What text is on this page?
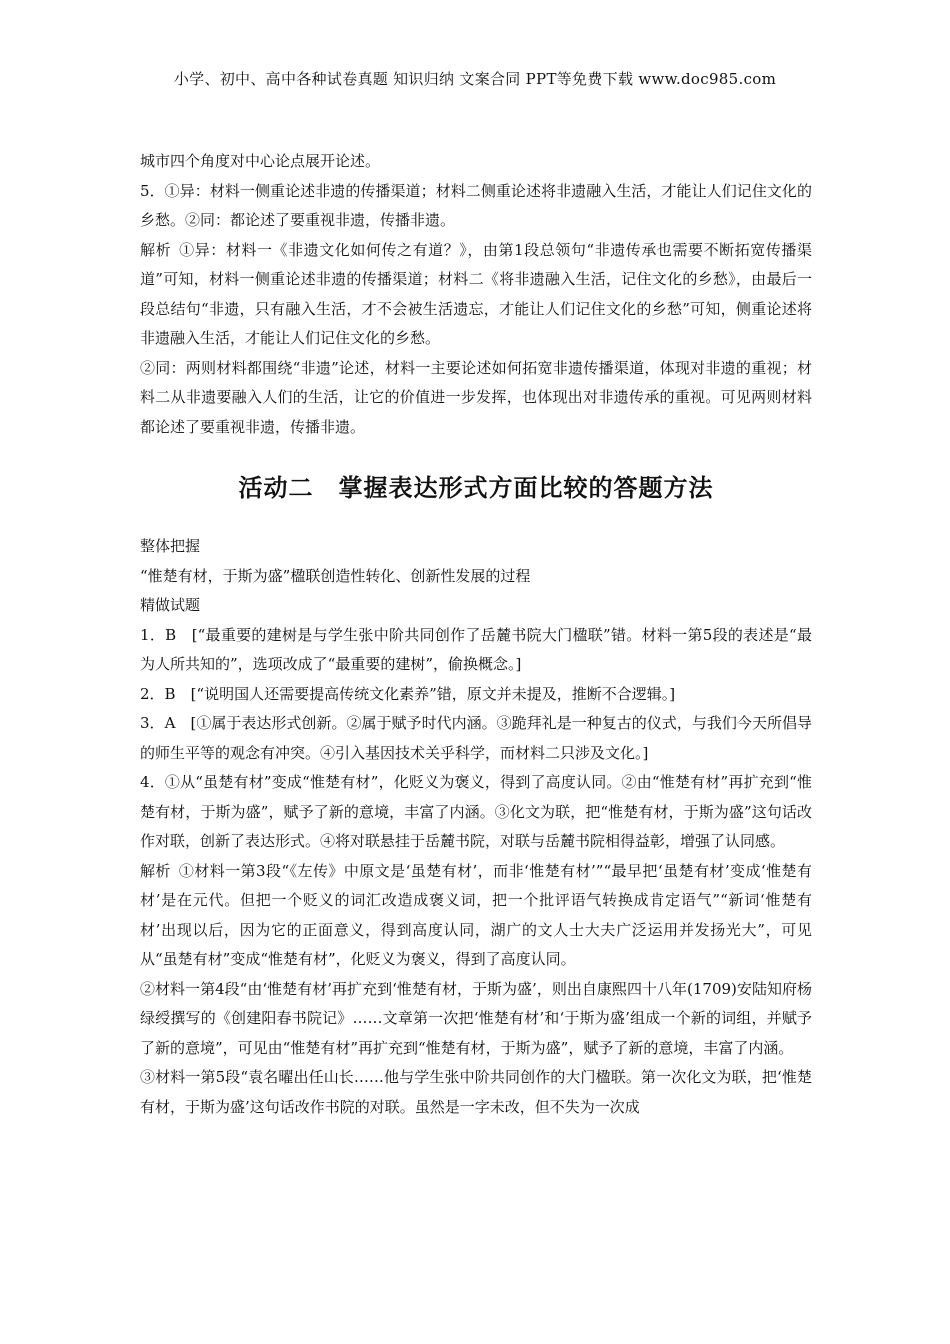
小学、初中、高中各种试卷真题 知识归纳 文案合同 PPT等免费下载 www.doc985.com

城市四个角度对中心论点展开论述。

5．①异：材料一侧重论述非遗的传播渠道；材料二侧重论述将非遗融入生活，才能让人们记住文化的乡愁。②同：都论述了要重视非遗，传播非遗。

解析 ①异：材料一《非遗文化如何传之有道？》，由第1段总领句“非遗传承也需要不断拓宽传播渠道”可知，材料一侧重论述非遗的传播渠道；材料二《将非遗融入生活，记住文化的乡愁》，由最后一段总结句“非遗，只有融入生活，才不会被生活遗忘，才能让人们记住文化的乡愁”可知，侧重论述将非遗融入生活，才能让人们记住文化的乡愁。

②同：两则材料都围绕“非遗”论述，材料一主要论述如何拓宽非遗传播渠道，体现对非遗的重视；材料二从非遗要融入人们的生活，让它的价值进一步发挥，也体现出对非遗传承的重视。可见两则材料都论述了要重视非遗，传播非遗。

活动二　掌握表达形式方面比较的答题方法

整体把握

“惟楚有材，于斯为盛”楹联创造性转化、创新性发展的过程

精做试题

1．B　[“最重要的建树是与学生张中阶共同创作了岳麓书院大门楹联”错。材料一第5段的表述是“最为人所共知的”，选项改成了“最重要的建树”，偷换概念。]

2．B　[“说明国人还需要提高传统文化素养”错，原文并未提及，推断不合逻辑。]

3．A　[①属于表达形式创新。②属于赋予时代内涵。③跪拜礼是一种复古的仪式，与我们今天所倡导的师生平等的观念有冲突。④引入基因技术关乎科学，而材料二只涉及文化。]

4．①从“虽楚有材”变成“惟楚有材”，化贬义为褒义，得到了高度认同。②由“惟楚有材”再扩充到“惟楚有材，于斯为盛”，赋予了新的意境，丰富了内涵。③化文为联，把“惟楚有材，于斯为盛”这句话改作对联，创新了表达形式。④将对联悬挂于岳麓书院，对联与岳麓书院相得益彰，增强了认同感。

解析 ①材料一第3段“《左传》中原文是‘虽楚有材’，而非‘惟楚有材’”“最早把‘虽楚有材’变成‘惟楚有材’是在元代。但把一个贬义的词汇改造成褒义词，把一个批评语气转换成肯定语气”“新词‘惟楚有材’出现以后，因为它的正面意义，得到高度认同，湖广的文人士大夫广泛运用并发扬光大”，可见从“虽楚有材”变成“惟楚有材”，化贬义为褒义，得到了高度认同。

②材料一第4段“由‘惟楚有材’再扩充到‘惟楚有材，于斯为盛’，则出自康熙四十八年(1709)安陆知府杨绿绶撰写的《创建阳春书院记》……文章第一次把‘惟楚有材’和‘于斯为盛’组成一个新的词组，并赋予了新的意境”，可见由“惟楚有材”再扩充到“惟楚有材，于斯为盛”，赋予了新的意境，丰富了内涵。

③材料一第5段“袁名曜出任山长……他与学生张中阶共同创作的大门楹联。第一次化文为联，把‘惟楚有材，于斯为盛’这句话改作书院的对联。虽然是一字未改，但不失为一次成
